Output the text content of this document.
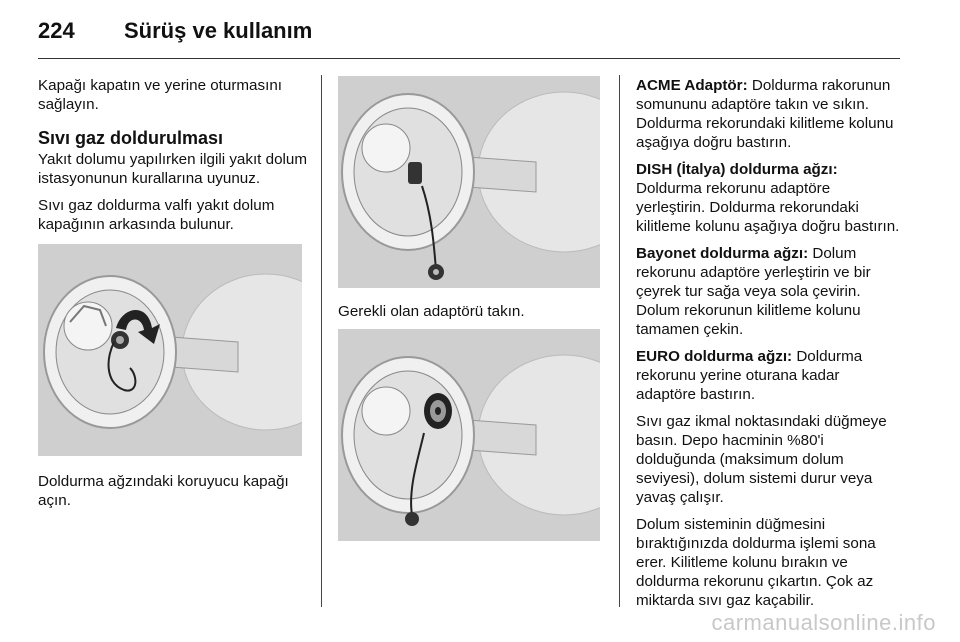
224 Sürüş ve kullanım

Kapağı kapatın ve yerine oturmasını sağlayın.

Sıvı gaz doldurulması

Yakıt dolumu yapılırken ilgili yakıt dolum istasyonunun kurallarına uyunuz.

Sıvı gaz doldurma valfı yakıt dolum kapağının arkasında bulunur.

Doldurma ağzındaki koruyucu kapağı açın.

Gerekli olan adaptörü takın.

ACME Adaptör: Doldurma rakorunun somununu adaptöre takın ve sıkın. Doldurma rekorundaki kilitleme kolunu aşağıya doğru bastırın.

DISH (İtalya) doldurma ağzı:
Doldurma rekorunu adaptöre yerleştirin. Doldurma rekorundaki kilitleme kolunu aşağıya doğru bastırın.

Bayonet doldurma ağzı: Dolum rekorunu adaptöre yerleştirin ve bir çeyrek tur sağa veya sola çevirin. Dolum rekorunun kilitleme kolunu tamamen çekin.

EURO doldurma ağzı: Doldurma rekorunu yerine oturana kadar adaptöre bastırın.

Sıvı gaz ikmal noktasındaki düğmeye basın. Depo hacminin %80'i dolduğunda (maksimum dolum seviyesi), dolum sistemi durur veya yavaş çalışır.

Dolum sisteminin düğmesini bıraktığınızda doldurma işlemi sona erer. Kilitleme kolunu bırakın ve doldurma rekorunu çıkartın. Çok az miktarda sıvı gaz kaçabilir.

carmanualsonline.info
